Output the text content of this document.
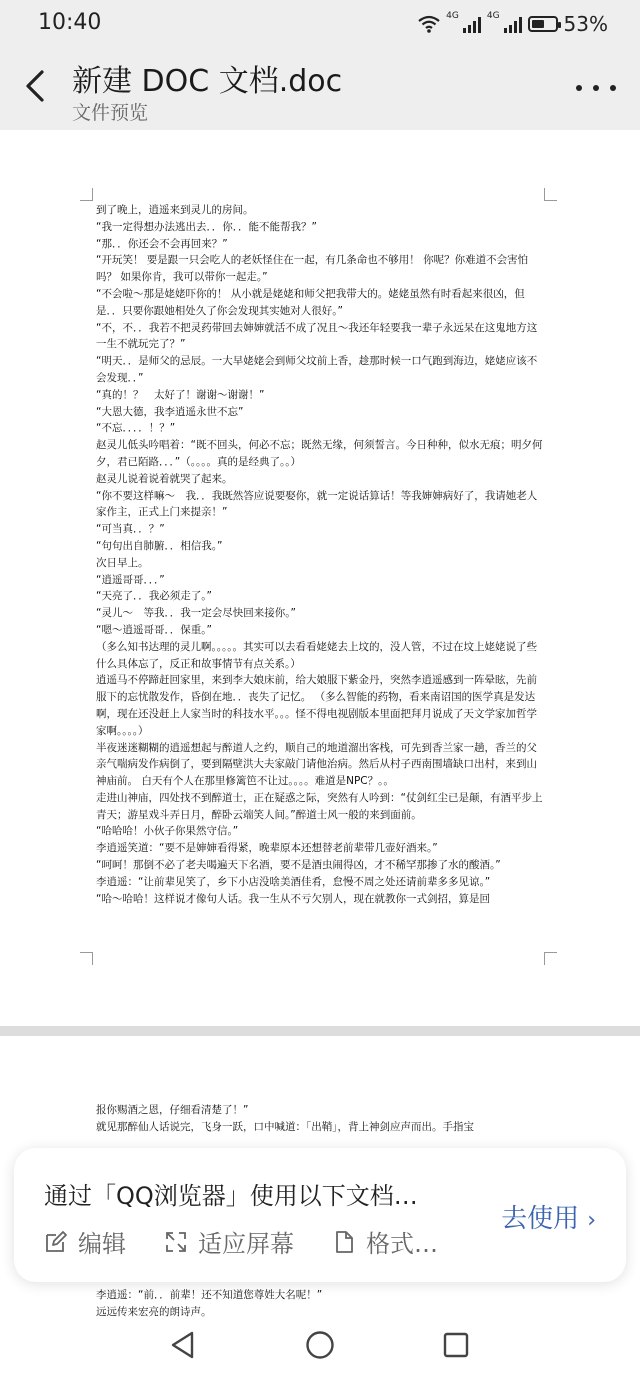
10:40	4G	4G	53%
新建 DOC 文档.doc
文件预览
到了晚上，逍遥来到灵儿的房间。
“我一定得想办法逃出去．．你．．能不能帮我？”
“那．．你还会不会再回来？”
“开玩笑！ 要是跟一只会吃人的老妖怪住在一起，有几条命也不够用！ 你呢？你难道不会害怕吗？ 如果你肯，我可以带你一起走。”
“不会啦～那是姥姥吓你的！ 从小就是姥姥和师父把我带大的。姥姥虽然有时看起来很凶，但是．．只要你跟她相处久了你会发现其实她对人很好。”
“不，不．．我若不把灵药带回去婶婶就活不成了况且～我还年轻要我一辈子永远呆在这鬼地方这一生不就玩完了？”
“明天．．是师父的忌辰。一大早姥姥会到师父坟前上香，趁那时候一口气跑到海边，姥姥应该不会发现．．”
“真的！？　太好了！谢谢～谢谢！”
“大恩大德，我李逍遥永世不忘”
“不忘．．．．！？”
赵灵儿低头吟唱着：“既不回头，何必不忘；既然无缘，何须誓言。今日种种，似水无痕；明夕何夕，君已陌路．．．”（。。。。真的是经典了。。）
赵灵儿说着说着就哭了起来。
“你不要这样嘛～　我．．我既然答应说要娶你，就一定说话算话！等我婶婶病好了，我请她老人家作主，正式上门来提亲！”
“可当真．．？”
“句句出自肺腑．．相信我。”
次日早上。
“逍遥哥哥．．．”
“天亮了．．我必须走了。”
“灵儿～　等我．．我一定会尽快回来接你。”
“嗯～逍遥哥哥．．保重。”
（多么知书达理的灵儿啊。。。。。其实可以去看看姥姥去上坟的，没人管，不过在坟上姥姥说了些什么具体忘了，反正和故事情节有点关系。）
逍遥马不停蹄赶回家里，来到李大娘床前，给大娘服下紫金丹，突然李逍遥感到一阵晕眩，先前服下的忘忧散发作，昏倒在地．．丧失了记忆。 （多么智能的药物，看来南诏国的医学真是发达啊，现在还没赶上人家当时的科技水平。。。怪不得电视剧版本里面把拜月说成了天文学家加哲学家啊。。。。）
半夜迷迷糊糊的逍遥想起与醉道人之约，顺自己的地道溜出客栈，可先到香兰家一趟，香兰的父亲气喘病发作病倒了，要到隔壁洪大夫家敲门请他治病。然后从村子西南围墙缺口出村，来到山神庙前。 白天有个人在那里修篱笆不让过。。。。难道是NPC？。。
走进山神庙，四处找不到醉道士，正在疑惑之际，突然有人吟到：“仗剑红尘已是颠，有酒平步上青天；游星戏斗弄日月，醉卧云端笑人间。”醉道士风一般的来到面前。
“哈哈哈！小伙子你果然守信。”
李逍遥笑道：“要不是婶婶看得紧，晚辈原本还想替老前辈带几壶好酒来。”
“呵呵！那倒不必了老夫喝遍天下名酒，要不是酒虫闹得凶，才不稀罕那掺了水的酸酒。”
李逍遥：“让前辈见笑了，乡下小店没啥美酒佳肴，怠慢不周之处还请前辈多多见谅。”
“哈～哈哈！这样说才像句人话。我一生从不亏欠别人，现在就教你一式剑招，算是回
报你赐酒之恩，仔细看清楚了！”
就见那醉仙人话说完，飞身一跃，口中喊道：「出鞘」，背上神剑应声而出。手指宝

李逍遥：“前．．前辈！还不知道您尊姓大名呢！”
远远传来宏亮的朗诗声。
通过「QQ浏览器」使用以下文档…
去使用 ›
编辑	适应屏幕	格式…
